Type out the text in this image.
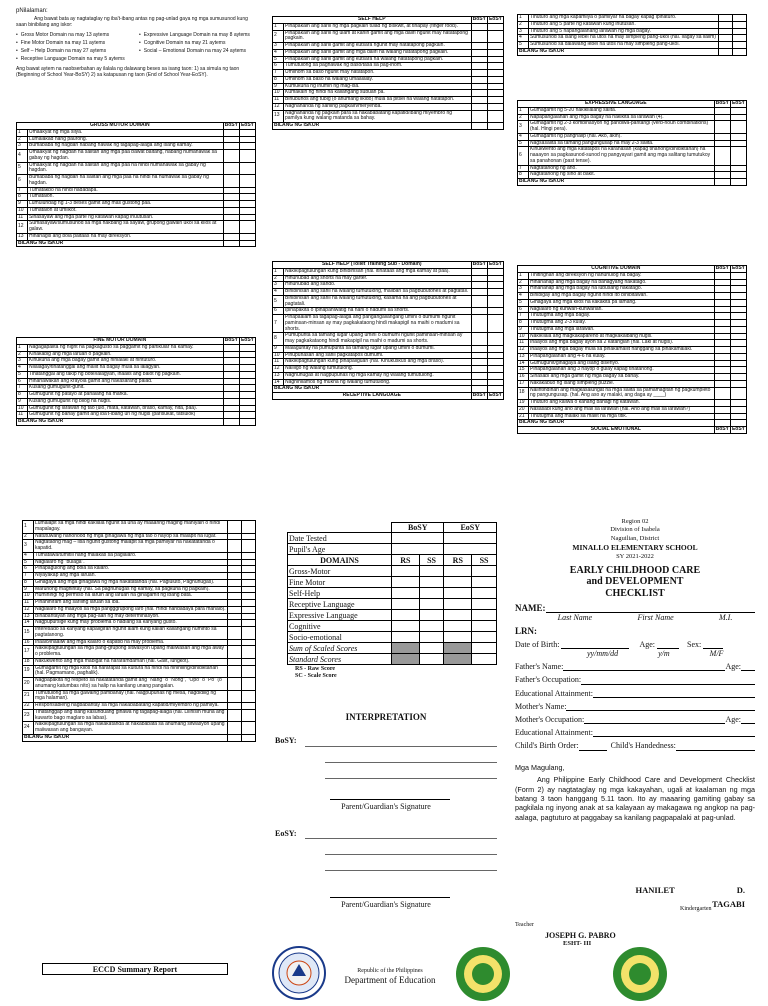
pNilalaman:
Ang bawat bata ay nagtataglay ng iba't-ibang antas ng pag-unlad gaya ng mga sumusunod kung saan binibilang ang iskor:
• Gross Motor Domain na may 13 aytems	• Expressive Language Domain na may 8 aytems
• Fine Motor Domain na may 11 aytems	• Cognitive Domain na may 21 aytems
• Self – Help Domain na may 27 aytems	• Social – Emotional Domain na may 24 aytems
• Receptive Language Domain na may 5 aytems
Ang bawat aytem na naobserbahan ay ilalala ng dalawang beses sa isang taon: 1) sa simula ng taon (Beginning of School Year-BoSY) 2) sa katapusan ng taon (End of School Year-EoSY).
GROSS MOTOR DOMAIN		BoSY	EoSY
1	Umaakyat ng mga silya.		
2	Lumalakad nang paurong.		
3	Bumababa ng hagdan habang hawak ng tagapag-alaga ang isang kamay.		
4	Umaakyat ng hagdan na salitan ang mga paa bawat baitang, habang humahawak sa gabay ng hagdan.		
5	Umaakyat ng hagdan na salitan ang mga paa na hindi humahawak sa gabay ng hagdan.		
6	Bumababa ng hagdan na salitan ang mga paa na hindi na humawak sa gabay ng hagdan.		
7	Tumatakbo na hindi nadadapa.		
8	Tumatalon.		
9	Lumulundag ng 1-3 beses gamit ang mas gustong paa.		
10	Tumatalon at umiikot.		
11	Sinasayaw ang mga parte ng katawan kapag inuutusan.		
12	Sumasayaw/sumusunod sa mga hakbang sa sayaw, grupong gawain ukol sa kilos at galaw.		
13	Hinahagis ang bola paitaas na may direksyon.		
BILANG NG ISKOR			
FINE MOTOR DOMAIN		BoSY	EoSY
1	Nagagapalita ng hight na pagkagusto sa paggamit ng partikular na kamay.		
2	Kinakabig ang mga laruan o pagkain.		
3	Kinukuha ang mga bagay gamit ang hinlalaki at hintuturo.		
4	Nilalagay/tinatanggal ang maliit na bagay mula sa lalagyan.		
5	Tinatanggal ang takip ng bote/lalagyan, inaalis ang balot ng pagkain.		
6	Hinahawakan ang krayola gamit ang nakasarang palad.		
7	Kusang gumuguhit-guhit.		
8	Gumuguhit ng patayo at pahalang na marka.		
9	Kusang gumuguhit ng bilog na hugis.		
10	Gumuguhit ng larawan ng tao (ulo, mata, katawan, braso, kamay, hita, paa).		
11	Gumuguhit ng bahay gamit ang iba't-ibang uri ng hugis (parisukat, tatsulok)		
BILANG NG ISKOR			
SELF HELP		BoSY	EoSY
1	Pinapakain ang sarili ng mga pagkain tulad ng biskwit, at tinapay (finger food).		
2	Pinapakain ang sarili ng ulam at kanin gamit ang mga daliri ngunit may natatapong pagkain.		
3	Pinapakain ang sarili gamit ang kutsara ngunit may natatapong pagkain.		
4	Pinapakain ang sarili gamit ang mga daliri na walang natatapong pagkain.		
5	Pinapakain ang sarili gamit ang kutsara na walang natatapong pagkain.		
6	Tumutulong sa paghawak ng baso/tasa sa pag-inom.		
7	Umiinom sa baso ngunit may natatapon.		
8	Umiinom sa baso na walang umaalalay.		
9	Kumukuha ng inumin ng mag-isa.		
10	Kumakain ng hindi na kailangang subuan pa.		
11	Binubuhos ang tubig (o anumang likido) mula sa pitsel na walang natatapon.		
12	Naghahanda ng sariling pagkain/meryenda.		
13	Naghahanda ng pagkain para sa nakababatang kapatid/ibang miyembro ng pamilya kung walang matanda sa bahay.		
BILANG NG ISKOR			
SELF HELP (Toilet Training Sub - Domain)		BoSY	EoSY
1	Nakikipagtulungan kung binibihisan (hal. itinataas ang mga kamay at paa).		
2	Hinuhubad ang shorts na may garter.		
3	Hinuhubad ang sando.		
4	Binibihisan ang sarili na walang tumutulong, maliban sa pagbubutones at pagtatali.		
5	Binibihisan ang sarili na walang tumutulong, kasama na ang pagbubutones at pagtatali.		
6	Ipinapakita o ipinapahiwatig na nahi o nadumi sa shorts.		
7	Pinapaalam sa tagapag-alaga ang pangangailangang umihi o dumumi ngunit paminsan-minsan ay may pagkakataong hindi makapigil na maihi o madumi sa shorts.		
8	Pumupunta sa tamang lugar upang umihi o dumumi ngunit paminsan-minsan ay may pagkakataong hindi makapigil na maihi o madumi sa shorts.		
9	Malaguntay na pumupunta sa tamang lugar upang umihi o dumumi.		
10	Pinupunasan ang sarili pagkatapos dumumi.		
11	Nakikipagtulungan kung pinapaliguan (hal. Kinukuskus ang mga braso).		
12	Naliligo ng walang tumutulong.		
13	Naghuhugas at nagpupunas ng mga kamay ng walang tumutulong.		
14	Naghihilamos ng mukha ng walang tumutulong.		
BILANG NG ISKOR			
RECEPTIVE LANGUAGE		BoSY	EoSY
1	Tinuturo ang mga kapamilya o pamilyar na bagay kapag ipinaturo.		
2	Tinuturo ang 5 parte ng katawan kung inutusan.		
3	Tinuturo ang 5 napangalanang larawan ng mga bagay.		
4	Sumusunod sa isang lebel na utos na may simpleng pang-ukol (hal. Ilagay sa ilalim)		
5	Sumusunod sa dalawang lebel na utos na may simpleng pang-ukol.		
BILANG NG ISKOR			
EXPRESSIVE LANGUAGE		BoSY	EoSY
1	Gumagamit ng 5-20 nakikilalang salita.		
2	Napapangalanan ang mga bagay na nakikita sa larawan (4).		
3	Gumagamit ng 2-3 kombinasyon ng pandiwa-pantangi (verb-noun combinations) (hal. Hingi pera).		
4	Gumagamit ng panghalip (hal. Ako, akin).		
5	Nagsasalita sa tamang pangungusap na may 2-3 salita.		
6	Kinukwento ang mga katatapos na karanasan (kapag tinanong/dinidiktahan) na naaayon sa pagkasunod-sunod ng pangyayari gamit ang mga salitang tumutukoy sa panahonan (past tense).		
7	Nagtatanong ng ano.		
8	Nagtatanong ng sino at bakit.		
BILANG NG ISKOR			
COGNITIVE DOMAIN		BoSY	EoSY
1	Tinitingnan ang direksyon ng nahuhulog na bagay.		
2	Hinahanap ang mga bagay na bahagyang nakatago.		
3	Hinahanap ang mga bagay na lubusang nakatago.		
4	Binibigay ang mga bagay ngunit hindi ito binibitawan.		
5	Ginagaya ang mga kilos na kakakita pa lamang.		
6	Naglalaro ng kunwari-kunwarian.		
7	Tinutugma ang mga bagay.		
8	Tinutugma ang 2-3 kulay.		
9	Tinutugma ang mga larawan.		
10	Nakikilala ang magkakapareho at magkakaibang hugis.		
11	Inaayos ang mga bagay ayon sa 2 katangian (hal. Laki at hugis).		
12	Inaayos ang mga bagay mula sa pinakamaliit hanggang sa pinakamalaki.		
13	Pinapangalanan ang 4-6 na kulay.		
14	Gumuguhit/ginagaya ang isang disenyo.		
15	Pinapangalanan ang 3 hayop o gulay kapag tinatanong.		
16	Sinasabi ang mga gamit ng mga bagay sa bahay.		
17	Nakakabuo ng isang simpleng puzzle.		
18	Naiintindihan ang magkasalungat na mga salita sa pamamagitan ng pagkumpleto ng pangungusap. (hal. Ang aso ay malaki, ang daga ay ____)		
19	Tinuturo ang kaliwa o kanang bahagi ng katawan.		
20	Nasasabi kung ano ang mali sa larawan (hal. Ano ang mali sa larawan?)		
21	Tinutugma ang malaki sa maliit na mga titik.		
BILANG NG ISKOR			
SOCIAL EMOTIONAL		BoSY	EoSY
1	Lumalapit sa mga hindi kakilala ngunit sa una ay maaaring maging mahiyain o hindi mapalagay.		
2	Natutuwang nanonood ng mga ginagawa ng mga tao o hayop sa malapit na lugar.		
3	Nagtataong mag – iisa ngunit gustong malapit sa mga pamilyar na nakatatanda o kapatid.		
4	Tumatawa/tumitili nang malakas sa paglalaro.		
5	Naglalaro ng "bulaga".		
6	Pinapagulong ang bola sa kalaro.		
7	Niyayakap ang mga laruan.		
8	Ginagaya ang mga ginagawa ng mga nakatatanda (hal. Pagluluto, Paghuhugas).		
9	Marunong maghintay (hal. Sa paghuhugas ng kamay, sa pagkuha ng pagkain).		
10	Humihingi ng permiso na laruin ang laruan na ginagamit ng ibang bata.		
11	Pinahihiram ang sariling laruan sa iba.		
12	Naglalaro ng maayos sa mga pangggrupong laro (hal. Hindi nandadaya para manalo).		
13	Binabantayan ang mga pag-aari ng may determinasyon.		
14	Nagpupursige kung may problema o hadlang sa kanyang gusto.		
15	Interesado sa kanyang kapaligiran ngunit alam kung kailan kailangang huminto sa pagtatanong.		
16	Inaalo/inaaliw ang mga kalaro o kapatid na may problema.		
17	Nakikipagtulungan sa mga pang-grupong sitwasyon upang maiiwasan ang mga away o problema.		
18	Nakukwento ang mga mabigat na nararamdaman (hal. Galit, lungkot).		
19	Gumagamit ng mga kilos na nararapat sa kultura na hindi na hinihiling/dinidiktahan (hal. Pagmamano, paghalik).		
20	Nagpapakita ng respeto sa nakatatanda gamit ang "Nang" o "Nong", "Opo" o "Po" (o anumang katumbas nito) sa halip na kanilang unang pangalan.		
21	Tumutulong sa mga gawaing pambahay (hal. Nagpupunas ng mesa, nagdidilig ng mga halaman).		
22	Responsableng nagbabantay sa mga nakababatang kapatid/miyembro ng pamilya.		
23	Tinatanggap ang isang kasunduang ginawa ng tagapag-alaga (hal. Lilinisin muna ang kuwarto bago maglaro sa labas).		
24	Nakikipagtulungan sa mga nakakatanda at nakababata sa anumang sitwasyon upang maiiwasan ang bangayan.		
BILANG NG ISKOR			
ECCD Summary Report
	BoSY		EoSY	
Date Tested				
Pupil's Age				
DOMAINS	RS	SS	RS	SS
Gross-Motor				
Fine Motor				
Self-Help				
Receptive Language				
Expressive Language				
Cognitive				
Socio-emotional				
Sum of Scaled Scores				
Standard Scores				
RS - Raw Score
SC - Scale Score
INTERPRETATION
BoSY:
Parent/Guardian's Signature
EoSY:
Parent/Guardian's Signature
Republic of the Philippines
Department of Education
Region 02
Division of Isabela
Naguilian, District
MINALLO ELEMENTARY SCHOOL
SY 2021-2022
EARLY CHILDHOOD CARE
and DEVELOPMENT
CHECKLIST
NAME:
Last Name	First Name	M.I.
LRN:
Date of Birth:	Age:	Sex:
yy/mm/dd	y/m	M/F
Father's Name:	Age:
Father's Occupation:
Educational Attainment:
Mother's Name:
Mother's Occupation:	Age:
Educational Attainment:
Child's Birth Order:	Child's Handedness:
Mga Magulang,
Ang Philippine Early Childhood Care and Development Checklist (Form 2) ay nagtataglay ng mga kakayahan, ugali at kaalaman ng mga batang 3 taon hanggang 5.11 taon. Ito ay maaaring gamiting gabay sa pagkilala ng inyong anak at sa kalayaan ay makagawa ng angkop na pag-aalaga, pagtuturo at paggabay sa kanilang pagpapalaki at pag-unlad.
HANILET D. TAGABI
Kindergarten
Teacher
JOSEPH G. PABRO
ESHT- III
